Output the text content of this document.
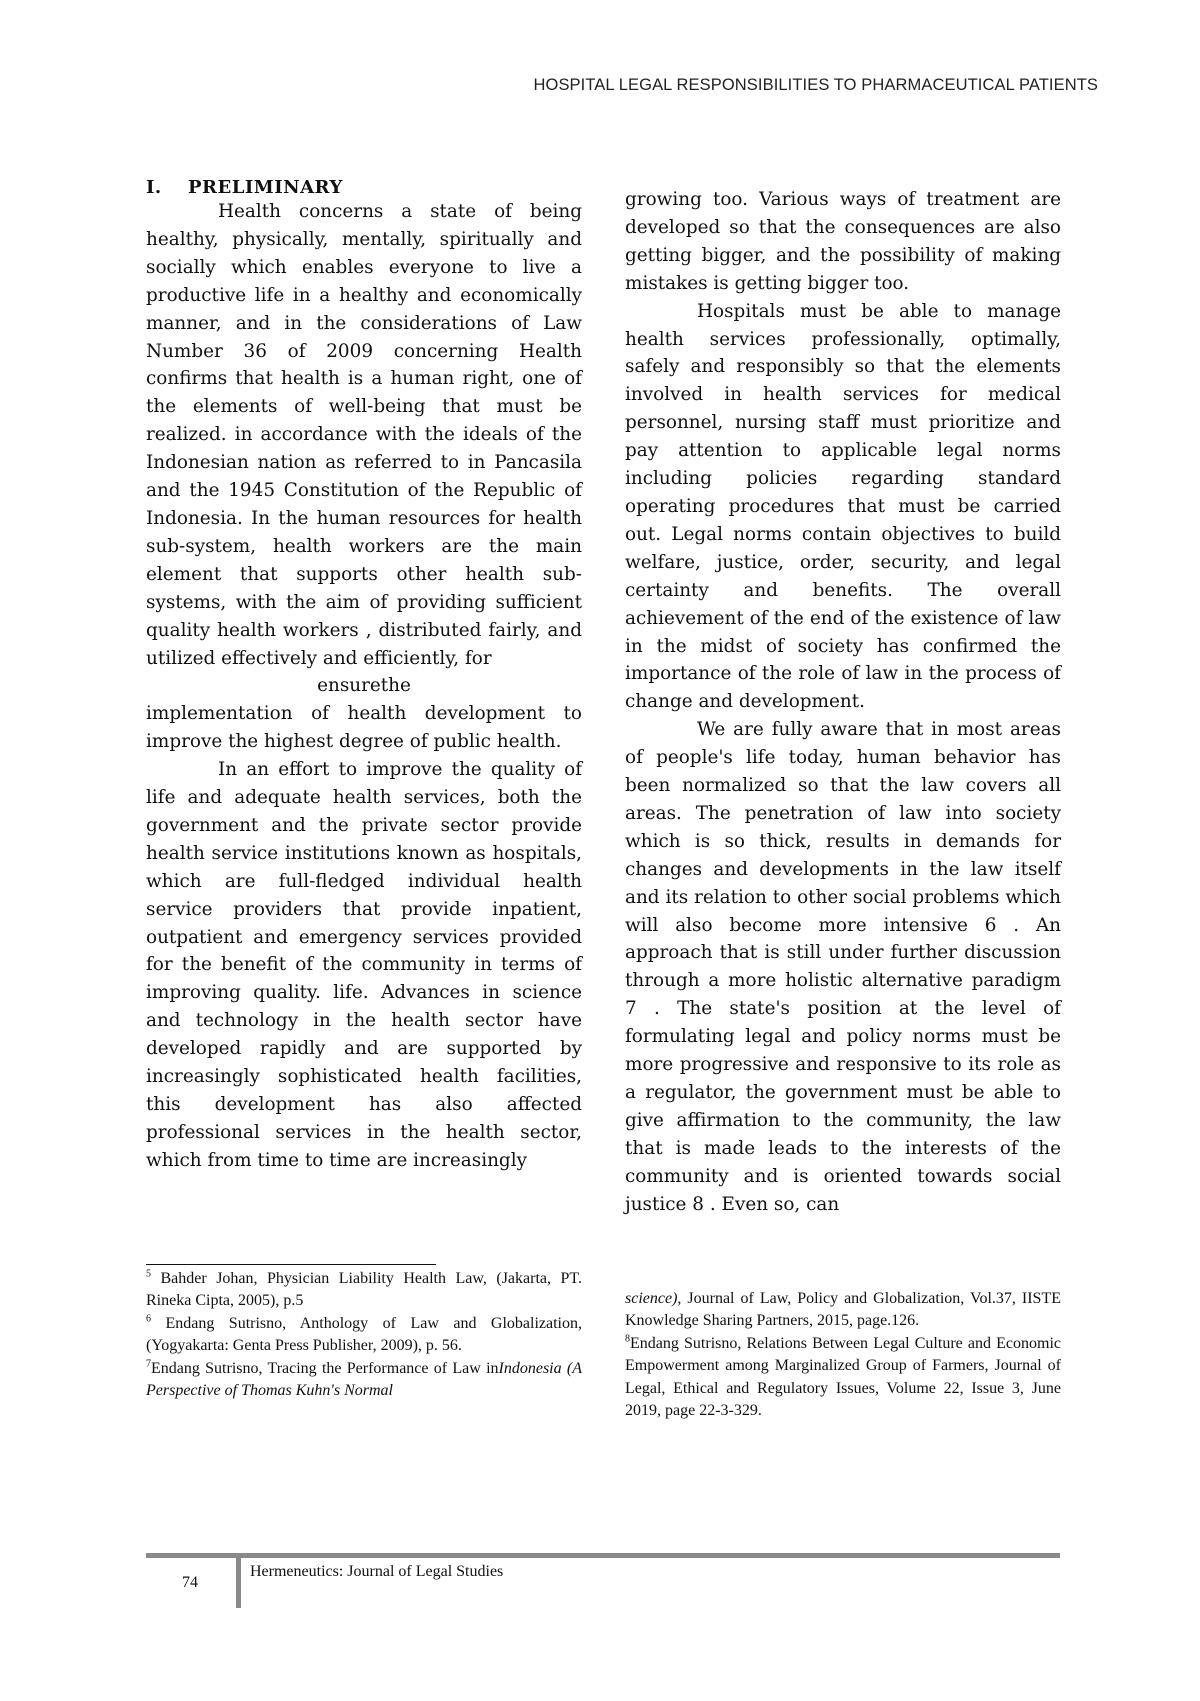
HOSPITAL LEGAL RESPONSIBILITIES TO PHARMACEUTICAL PATIENTS
I. PRELIMINARY

Health concerns a state of being healthy, physically, mentally, spiritually and socially which enables everyone to live a productive life in a healthy and economically manner, and in the considerations of Law Number 36 of 2009 concerning Health confirms that health is a human right, one of the elements of well-being that must be realized. in accordance with the ideals of the Indonesian nation as referred to in Pancasila and the 1945 Constitution of the Republic of Indonesia. In the human resources for health sub-system, health workers are the main element that supports other health sub-systems, with the aim of providing sufficient quality health workers , distributed fairly, and utilized effectively and efficiently, for

ensurethe

implementation of health development to improve the highest degree of public health.

In an effort to improve the quality of life and adequate health services, both the government and the private sector provide health service institutions known as hospitals, which are full-fledged individual health service providers that provide inpatient, outpatient and emergency services provided for the benefit of the community in terms of improving quality. life. Advances in science and technology in the health sector have developed rapidly and are supported by increasingly sophisticated health facilities, this development has also affected professional services in the health sector, which from time to time are increasingly

growing too. Various ways of treatment are developed so that the consequences are also getting bigger, and the possibility of making mistakes is getting bigger too.

Hospitals must be able to manage health services professionally, optimally, safely and responsibly so that the elements involved in health services for medical personnel, nursing staff must prioritize and pay attention to applicable legal norms including policies regarding standard operating procedures that must be carried out. Legal norms contain objectives to build welfare, justice, order, security, and legal certainty and benefits. The overall achievement of the end of the existence of law in the midst of society has confirmed the importance of the role of law in the process of change and development.

We are fully aware that in most areas of people's life today, human behavior has been normalized so that the law covers all areas. The penetration of law into society which is so thick, results in demands for changes and developments in the law itself and its relation to other social problems which will also become more intensive 6 . An approach that is still under further discussion through a more holistic alternative paradigm 7 . The state's position at the level of formulating legal and policy norms must be more progressive and responsive to its role as a regulator, the government must be able to give affirmation to the community, the law that is made leads to the interests of the community and is oriented towards social justice 8 . Even so, can

$^5$ Bahder Johan, Physician Liability Health Law, (Jakarta, PT. Rineka Cipta, 2005), p.5

$^6$ Endang Sutrisno, Anthology of Law and Globalization, (Yogyakarta: Genta Press Publisher, 2009), p. 56.

$^7$Endang Sutrisno, Tracing the Performance of Law inIndonesia (A Perspective of Thomas Kuhn's Normal

science), Journal of Law, Policy and Globalization, Vol.37, IISTE Knowledge Sharing Partners, 2015, page.126.

$^8$Endang Sutrisno, Relations Between Legal Culture and Economic Empowerment among Marginalized Group of Farmers, Journal of Legal, Ethical and Regulatory Issues, Volume 22, Issue 3, June 2019, page 22-3-329.

74
Hermeneutics: Journal of Legal Studies
